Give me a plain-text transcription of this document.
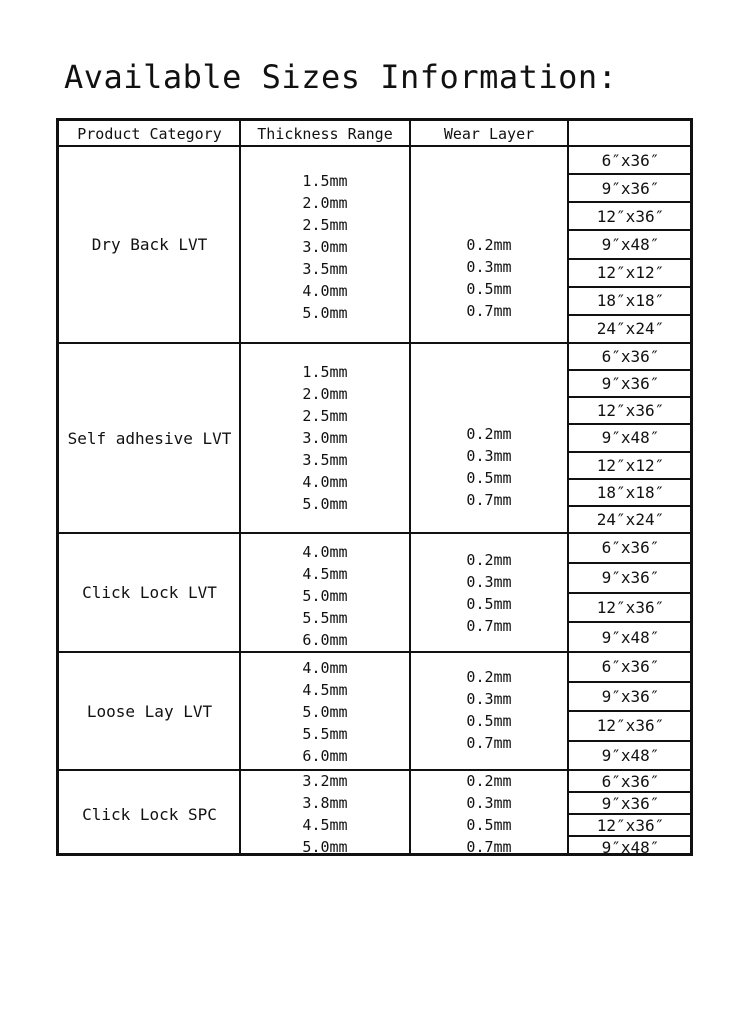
Available Sizes Information:
Product Category	Thickness Range	Wear Layer
Dry Back LVT
1.5mm
2.0mm
2.5mm
3.0mm
3.5mm
4.0mm
5.0mm
0.2mm
0.3mm
0.5mm
0.7mm
6″x36″
9″x36″
12″x36″
9″x48″
12″x12″
18″x18″
24″x24″
Self adhesive LVT
1.5mm
2.0mm
2.5mm
3.0mm
3.5mm
4.0mm
5.0mm
0.2mm
0.3mm
0.5mm
0.7mm
6″x36″
9″x36″
12″x36″
9″x48″
12″x12″
18″x18″
24″x24″
Click Lock LVT
4.0mm
4.5mm
5.0mm
5.5mm
6.0mm
0.2mm
0.3mm
0.5mm
0.7mm
6″x36″
9″x36″
12″x36″
9″x48″
Loose Lay LVT
4.0mm
4.5mm
5.0mm
5.5mm
6.0mm
0.2mm
0.3mm
0.5mm
0.7mm
6″x36″
9″x36″
12″x36″
9″x48″
Click Lock SPC
3.2mm
3.8mm
4.5mm
5.0mm
0.2mm
0.3mm
0.5mm
0.7mm
6″x36″
9″x36″
12″x36″
9″x48″
